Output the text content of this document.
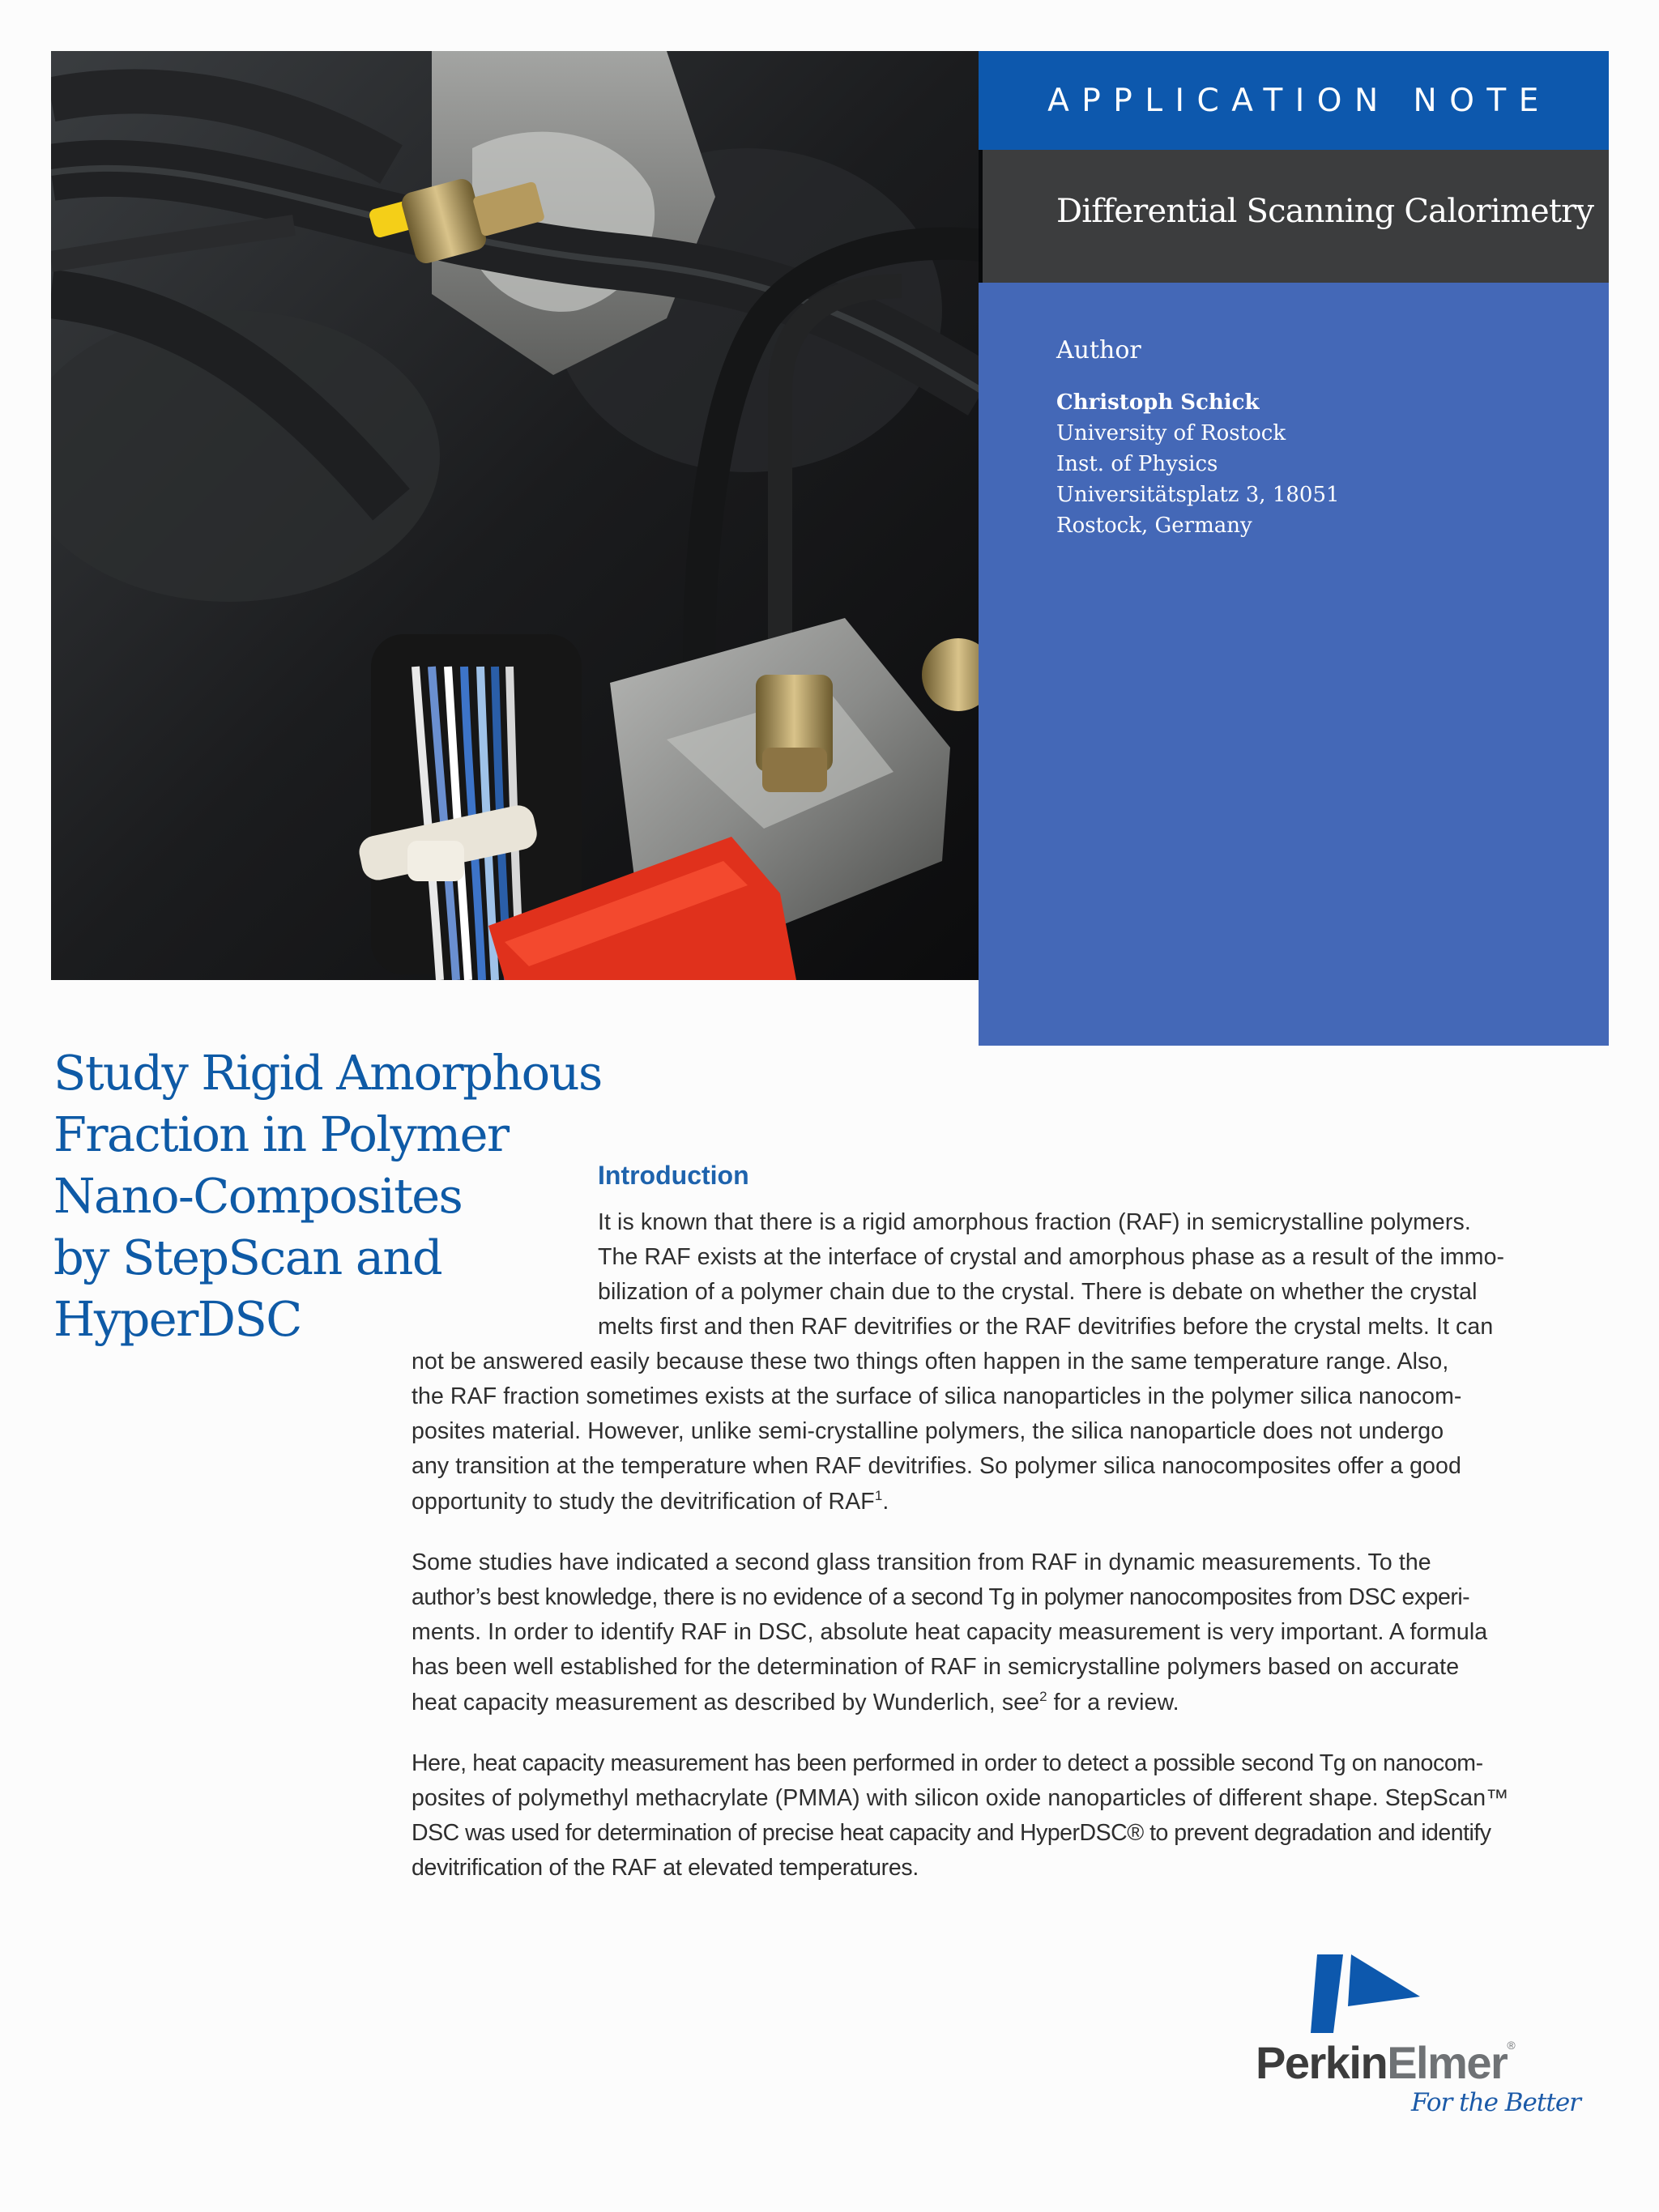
Author
Christoph Schick
University of Rostock
Inst. of Physics
Universitätsplatz 3, 18051
Rostock, Germany
Differential Scanning Calorimetry
APPLICATION NOTE
Study Rigid Amorphous
Fraction in Polymer
Nano-Composites
by StepScan and
HyperDSC
Introduction
It is known that there is a rigid amorphous fraction (RAF) in semicrystalline polymers.
The RAF exists at the interface of crystal and amorphous phase as a result of the immo-
bilization of a polymer chain due to the crystal. There is debate on whether the crystal
melts first and then RAF devitrifies or the RAF devitrifies before the crystal melts. It can
not be answered easily because these two things often happen in the same temperature range. Also,
the RAF fraction sometimes exists at the surface of silica nanoparticles in the polymer silica nanocom-
posites material. However, unlike semi-crystalline polymers, the silica nanoparticle does not undergo
any transition at the temperature when RAF devitrifies. So polymer silica nanocomposites offer a good
opportunity to study the devitrification of RAF$^1$.
Some studies have indicated a second glass transition from RAF in dynamic measurements. To the
author’s best knowledge, there is no evidence of a second Tg in polymer nanocomposites from DSC experi-
ments. In order to identify RAF in DSC, absolute heat capacity measurement is very important. A formula
has been well established for the determination of RAF in semicrystalline polymers based on accurate
heat capacity measurement as described by Wunderlich, see$^2$ for a review.
Here, heat capacity measurement has been performed in order to detect a possible second Tg on nanocom-
posites of polymethyl methacrylate (PMMA) with silicon oxide nanoparticles of different shape. StepScan™
DSC was used for determination of precise heat capacity and HyperDSC® to prevent degradation and identify
devitrification of the RAF at elevated temperatures.
PerkinElmer®
For the Better
